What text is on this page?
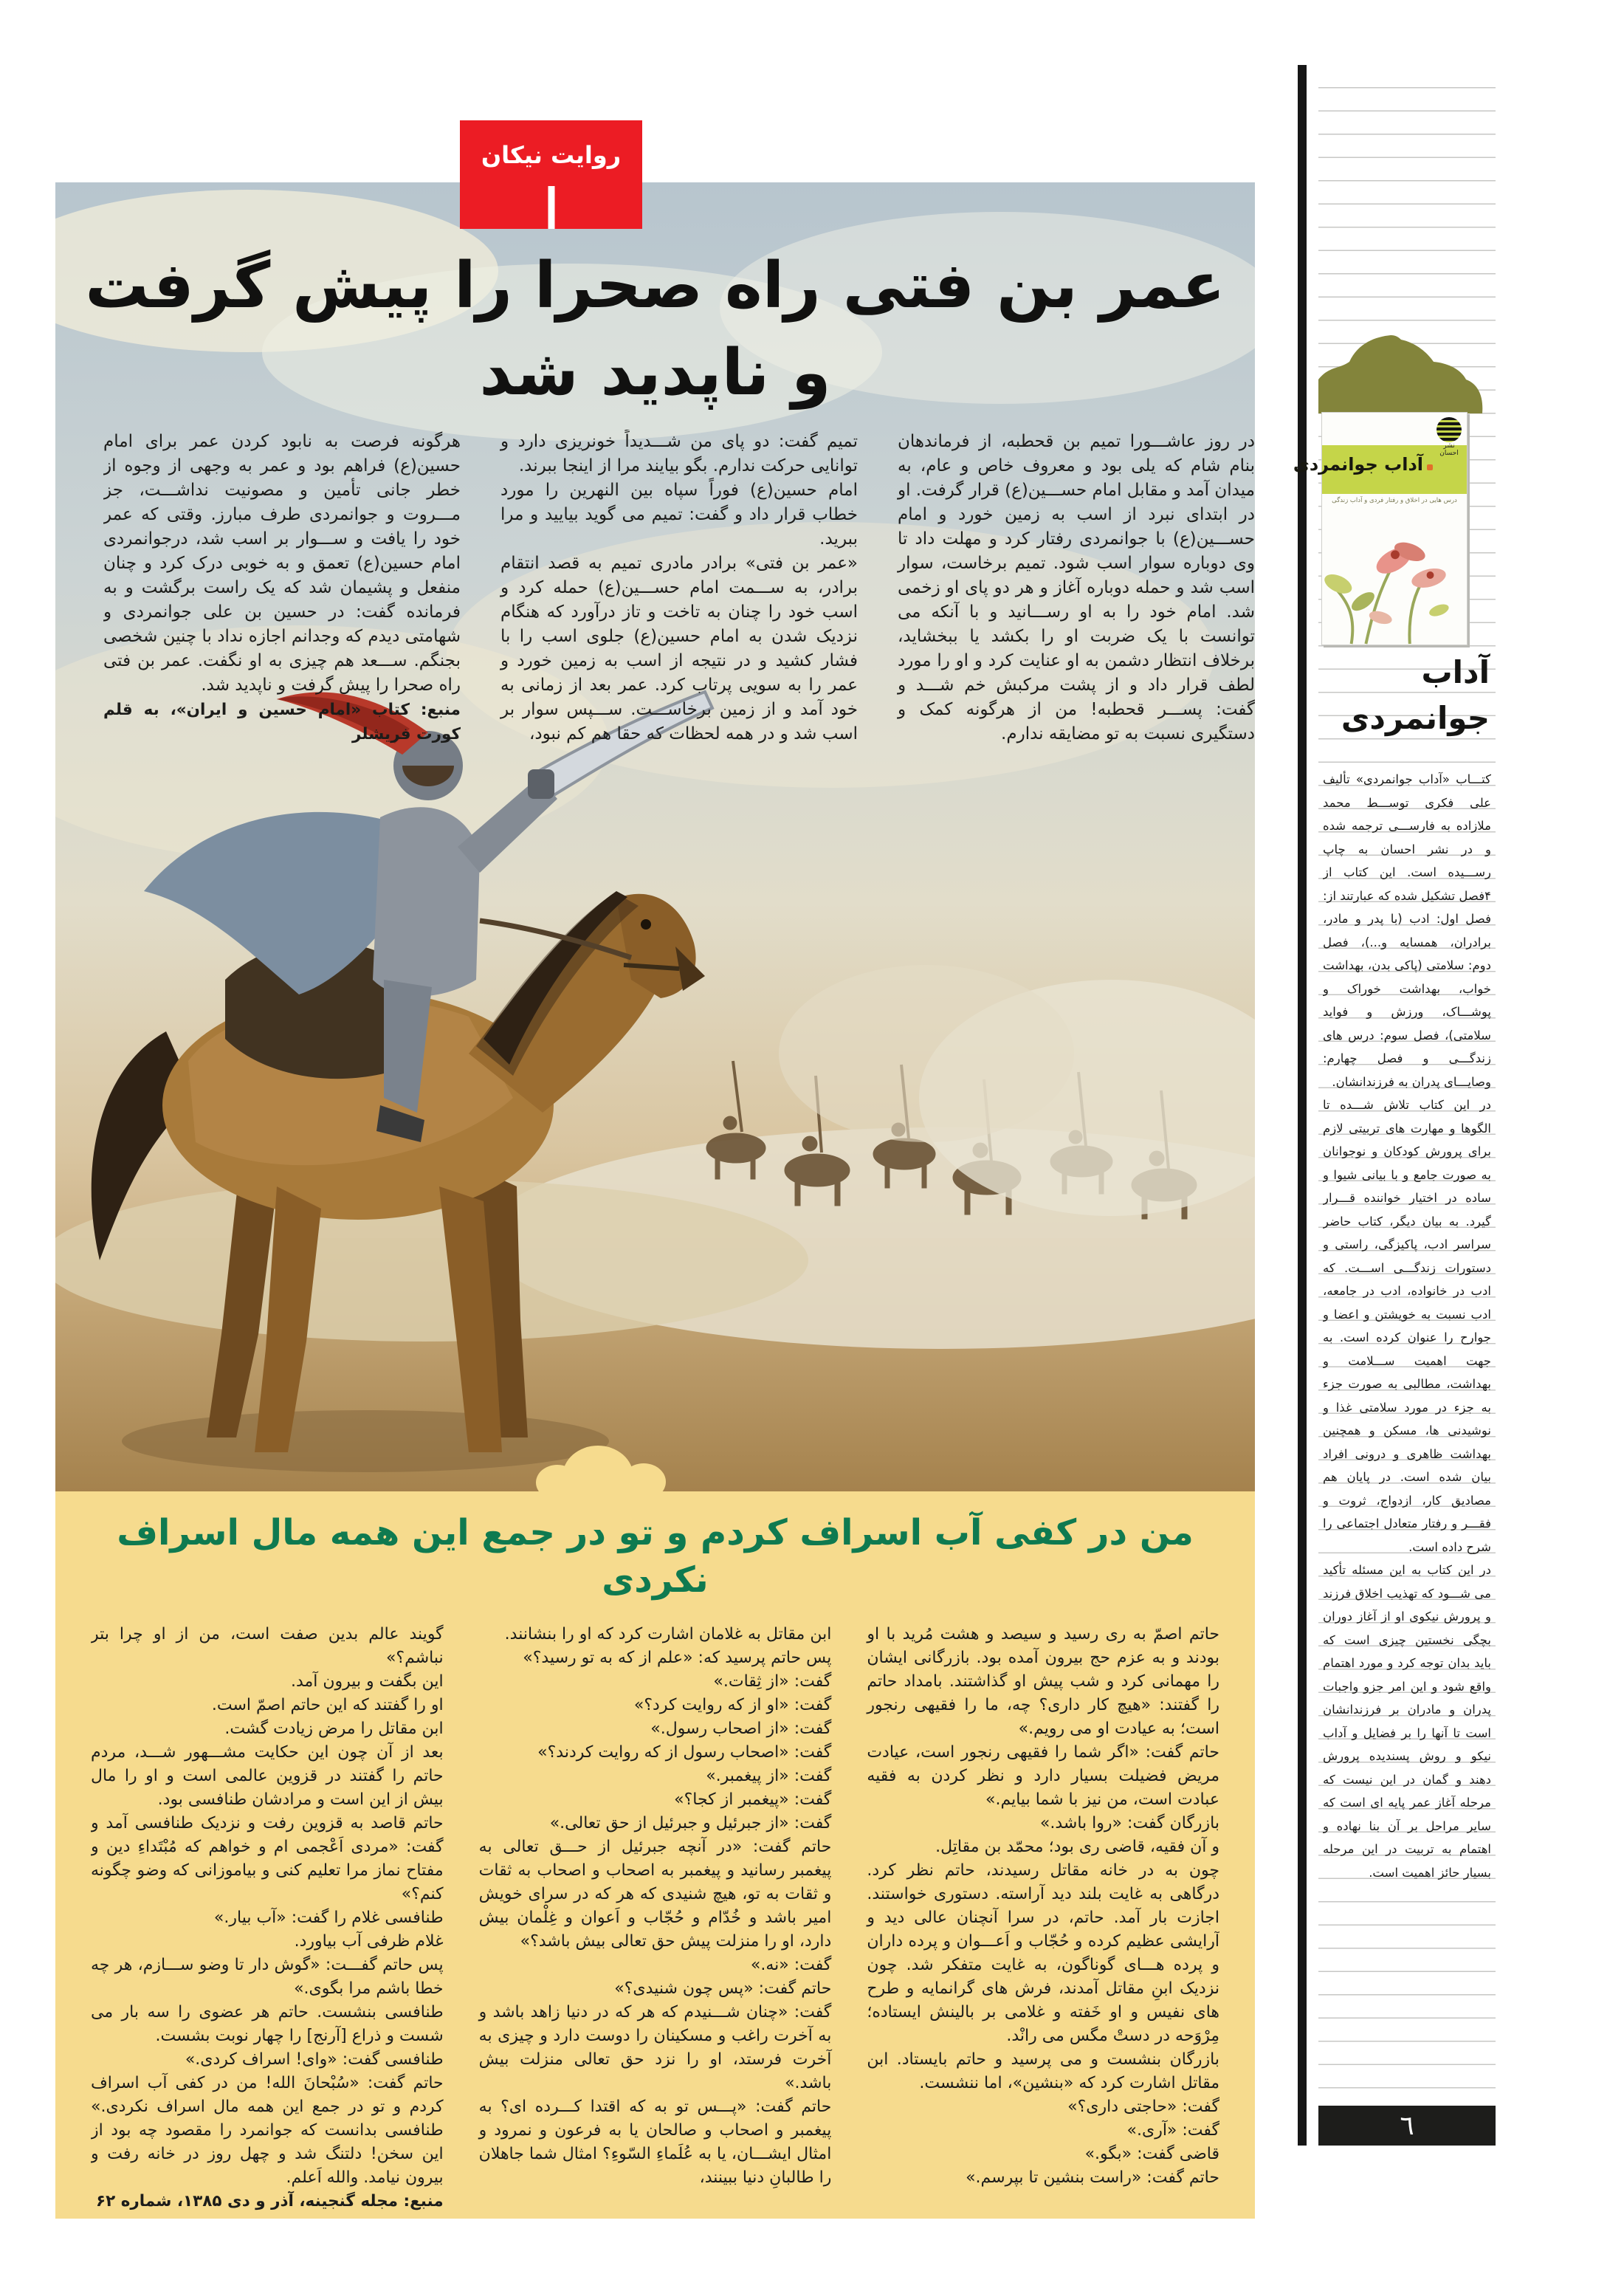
روایت نیکان
عمر بن فتی راه صحرا را پیش گرفت
و ناپدید شد

در روز عاشـــورا تمیم بن قحطبه، از فرماندهان بنام شام که یلی بود و معروف خاص و عام، به میدان آمد و مقابل امام حســـین(ع) قرار گرفت. او در ابتدای نبرد از اسب به زمین خورد و امام حســـین(ع) با جوانمردی رفتار کرد و مهلت داد تا وی دوباره سوار اسب شود. تمیم برخاست، سوار اسب شد و حمله دوباره آغاز و هر دو پای او زخمی شد. امام خود را به او رســـانید و با آنکه می توانست با یک ضربت او را بکشد یا ببخشاید، برخلاف انتظار دشمن به او عنایت کرد و او را مورد لطف قرار داد و از پشت مرکبش خم شـــد و گفت: پســـر قحطبه! من از هرگونه کمک و دستگیری نسبت به تو مضایقه ندارم.

تمیم گفت: دو پای من شـــدیداً خونریزی دارد و توانایی حرکت ندارم. بگو بیایند مرا از اینجا ببرند.

امام حسین(ع) فوراً سپاه بین النهرین را مورد خطاب قرار داد و گفت: تمیم می گوید بیایید و مرا ببرید.

«عمر بن فتی» برادر مادری تمیم به قصد انتقام برادر، به ســـمت امام حســـین(ع) حمله کرد و اسب خود را چنان به تاخت و تاز درآورد که هنگام نزدیک شدن به امام حسین(ع) جلوی اسب را با فشار کشید و در نتیجه از اسب به زمین خورد و عمر را به سویی پرتاب کرد. عمر بعد از زمانی به خود آمد و از زمین برخاســـت. ســـپس سوار بر اسب شد و در همه لحظات که حقا هم کم نبود،

هرگونه فرصت به نابود کردن عمر برای امام حسین(ع) فراهم بود و عمر به وجهی از وجوه از خطر جانی تأمین و مصونیت نداشـــت، جز مـــروت و جوانمردی طرف مبارز. وقتی که عمر خود را یافت و ســـوار بر اسب شد، درجوانمردی امام حسین(ع) تعمق و به خوبی درک کرد و چنان منفعل و پشیمان شد که یک راست برگشت و به فرمانده گفت: در حسین بن علی جوانمردی و شهامتی دیدم که وجدانم اجازه نداد با چنین شخصی بجنگم. ســـعد هم چیزی به او نگفت. عمر بن فتی راه صحرا را پیش گرفت و ناپدید شد.

منبع: کتاب «امام حسین و ایران»، به قلم کورت فریشلر

من در کفی آب اسراف کردم و تو در جمع این همه مال اسراف نکردی

حاتم اصمّ به ری رسید و سیصد و هشت مُرید با او بودند و به عزم حج بیرون آمده بود. بازرگانی ایشان را مهمانی کرد و شب پیش او گذاشتند. بامداد حاتم را گفتند: «هیچ کار داری؟ چه، ما را فقیهی رنجور است؛ به عیادت او می رویم.»

حاتم گفت: «اگر شما را فقیهی رنجور است، عیادت مریض فضیلت بسیار دارد و نظر کردن به فقیه عبادت است، من نیز با شما بیایم.»

بازرگان گفت: «روا باشد.»

و آن فقیه، قاضی ری بود؛ محمّد بن مقاتِل.

چون به در خانه مقاتل رسیدند، حاتم نظر کرد. درگاهی به غایت بلند دید آراسته. دستوری خواستند. اجازت بار آمد. حاتم، در سرا آنچنان عالی دید و آرایشی عظیم کرده و حُجّاب و اَعـــوان و پرده داران و پرده هـــای گوناگون، به غایت متفکر شد. چون نزدیک ابنِ مقاتل آمدند، فرش های گرانمایه و طرح های نفیس و او خَفته و غلامی بر بالینش ایستاده؛ مِرْوَحه در دستْ مگس می رانْد.

بازرگان بنشست و می پرسید و حاتم بایستاد. ابن مقاتل اشارت کرد که «بنشین»، اما ننشست.

گفت: «حاجتی داری؟»

گفت: «آری.»

قاضی گفت: «بگو.»

حاتم گفت: «راست بنشین تا بپرسم.»

ابن مقاتل به غلامان اشارت کرد که او را بنشانند.

پس حاتم پرسید که: «علم از که به تو رسید؟»

گفت: «از ثِقات.»

گفت: «او از که روایت کرد؟»

گفت: «از اصحاب رسول.»

گفت: «اصحاب رسول از که روایت کردند؟»

گفت: «از پیغمبر.»

گفت: «پیغمبر از کجا؟»

گفت: «از جبرئیل و جبرئیل از حق تعالی.»

حاتم گفت: «در آنچه جبرئیل از حـــق تعالی به پیغمبر رسانید و پیغمبر به اصحاب و اصحاب به ثقات و ثقات به تو، هیچ شنیدی که هر که در سرای خویش امیر باشد و خُدّام و حُجّاب و اَعوان و غِلْمان بیش دارد، او را منزلت پیش حق تعالی بیش باشد؟»

گفت: «نه.»

حاتم گفت: «پس چون شنیدی؟»

گفت: «چنان شـــنیدم که هر که در دنیا زاهد باشد و به آخرت راغب و مسکینان را دوست دارد و چیزی به آخرت فرستد، او را نزد حق تعالی منزلت بیش باشد.»

حاتم گفت: «پـــس تو به که اقتدا کـــرده ای؟ به پیغمبر و اصحاب و صالحان یا به فرعون و نمرود و امثال ایشـــان، یا به عُلَماءِ السّوءِ؟ امثال شما جاهلان را طالبانِ دنیا ببینند،

گویند عالم بدین صفت است، من از او چرا بتر نباشم؟»

این بگفت و بیرون آمد.

او را گفتند که این حاتم اصمّ است.

ابن مقاتل را مرض زیادت گشت.

بعد از آن چون این حکایت مشـــهور شـــد، مردم حاتم را گفتند در قزوین عالمی است و او را مال بیش از این است و مرادشان طنافسی بود.

حاتم قاصد به قزوین رفت و نزدیک طنافسی آمد و گفت: «مردی اَعْجمی ام و خواهم که مُبْتَداءِ دین و مفتاح نماز مرا تعلیم کنی و بیاموزانی که وضو چگونه کنم؟»

طنافسی غلام را گفت: «آب بیار.»

غلام ظرفی آب بیاورد.

پس حاتم گفـــت: «گوش دار تا وضو ســـازم، هر چه خطا باشم مرا بگوی.»

طنافسی بنشست. حاتم هر عضوی را سه بار می شست و ذراع [آرنج] را چهار نوبت بشست.

طنافسی گفت: «وای! اسراف کردی.»

حاتم گفت: «سُبْحانَ الله! من در کفی آب اسراف کردم و تو در جمع این همه مال اسراف نکردی.» طنافسی بدانست که جوانمرد را مقصود چه بود از این سخن! دلتنگ شد و چهل روز در خانه رفت و بیرون نیامد. والله اَعلم.

منبع: مجله گنجینه، آذر و دی ۱۳۸۵، شماره ۶۲

نشر احسان
آداب جوانمردی
درس هایی در اخلاق و رفتار فردی و آداب زندگی
آداب
جوانمردی

کتـــاب «آداب جوانمردی» تألیف علی فکری توســـط محمد ملازاده به فارســـی ترجمه شده و در نشر احسان به چاپ رســـیده است. این کتاب از ۴فصل تشکیل شده که عبارتند از: فصل اول: ادب (با پدر و مادر، برادران، همسایه و...)، فصل دوم: سلامتی (پاکی بدن، بهداشت خواب، بهداشت خوراک و پوشـــاک، ورزش و فواید سلامتی)، فصل سوم: درس های زندگـــی و فصل چهارم: وصایـــای پدران به فرزندانشان.

در این کتاب تلاش شـــده تا الگوها و مهارت های تربیتی لازم برای پرورش کودکان و نوجوانان به صورت جامع و با بیانی شیوا و ساده در اختیار خواننده قـــرار گیرد. به بیان دیگر، کتاب حاضر سراسر ادب، پاکیزگی، راستی و دستورات زندگـــی اســـت. که ادب در خانواده، ادب در جامعه، ادب نسبت به خویشتن و اعضا و جوارح را عنوان کرده است. به جهت اهمیت ســـلامت و بهداشت، مطالبی به صورت جزء به جزء در مورد سلامتی غذا و نوشیدنی ها، مسکن و همچنین بهداشت ظاهری و درونی افراد بیان شده است. در پایان هم مصادیق کار، ازدواج، ثروت و فقـــر و رفتار متعادل اجتماعی را شرح داده است.

در این کتاب به این مسئله تأکید می شـــود که تهذیب اخلاق فرزند و پرورش نیکوی او از آغاز دوران بچگی نخستین چیزی است که باید بدان توجه کرد و مورد اهتمام واقع شود و این امر جزو واجبات پدران و مادران بر فرزندانشان است تا آنها را بر فضایل و آداب نیکو و روش پسندیده پرورش دهند و گمان در این نیست که مرحله آغاز عمر پایه ای است که سایر مراحل بر آن بنا نهاده و اهتمام به تربیت در این مرحله بسیار حائز اهمیت است.

٦
